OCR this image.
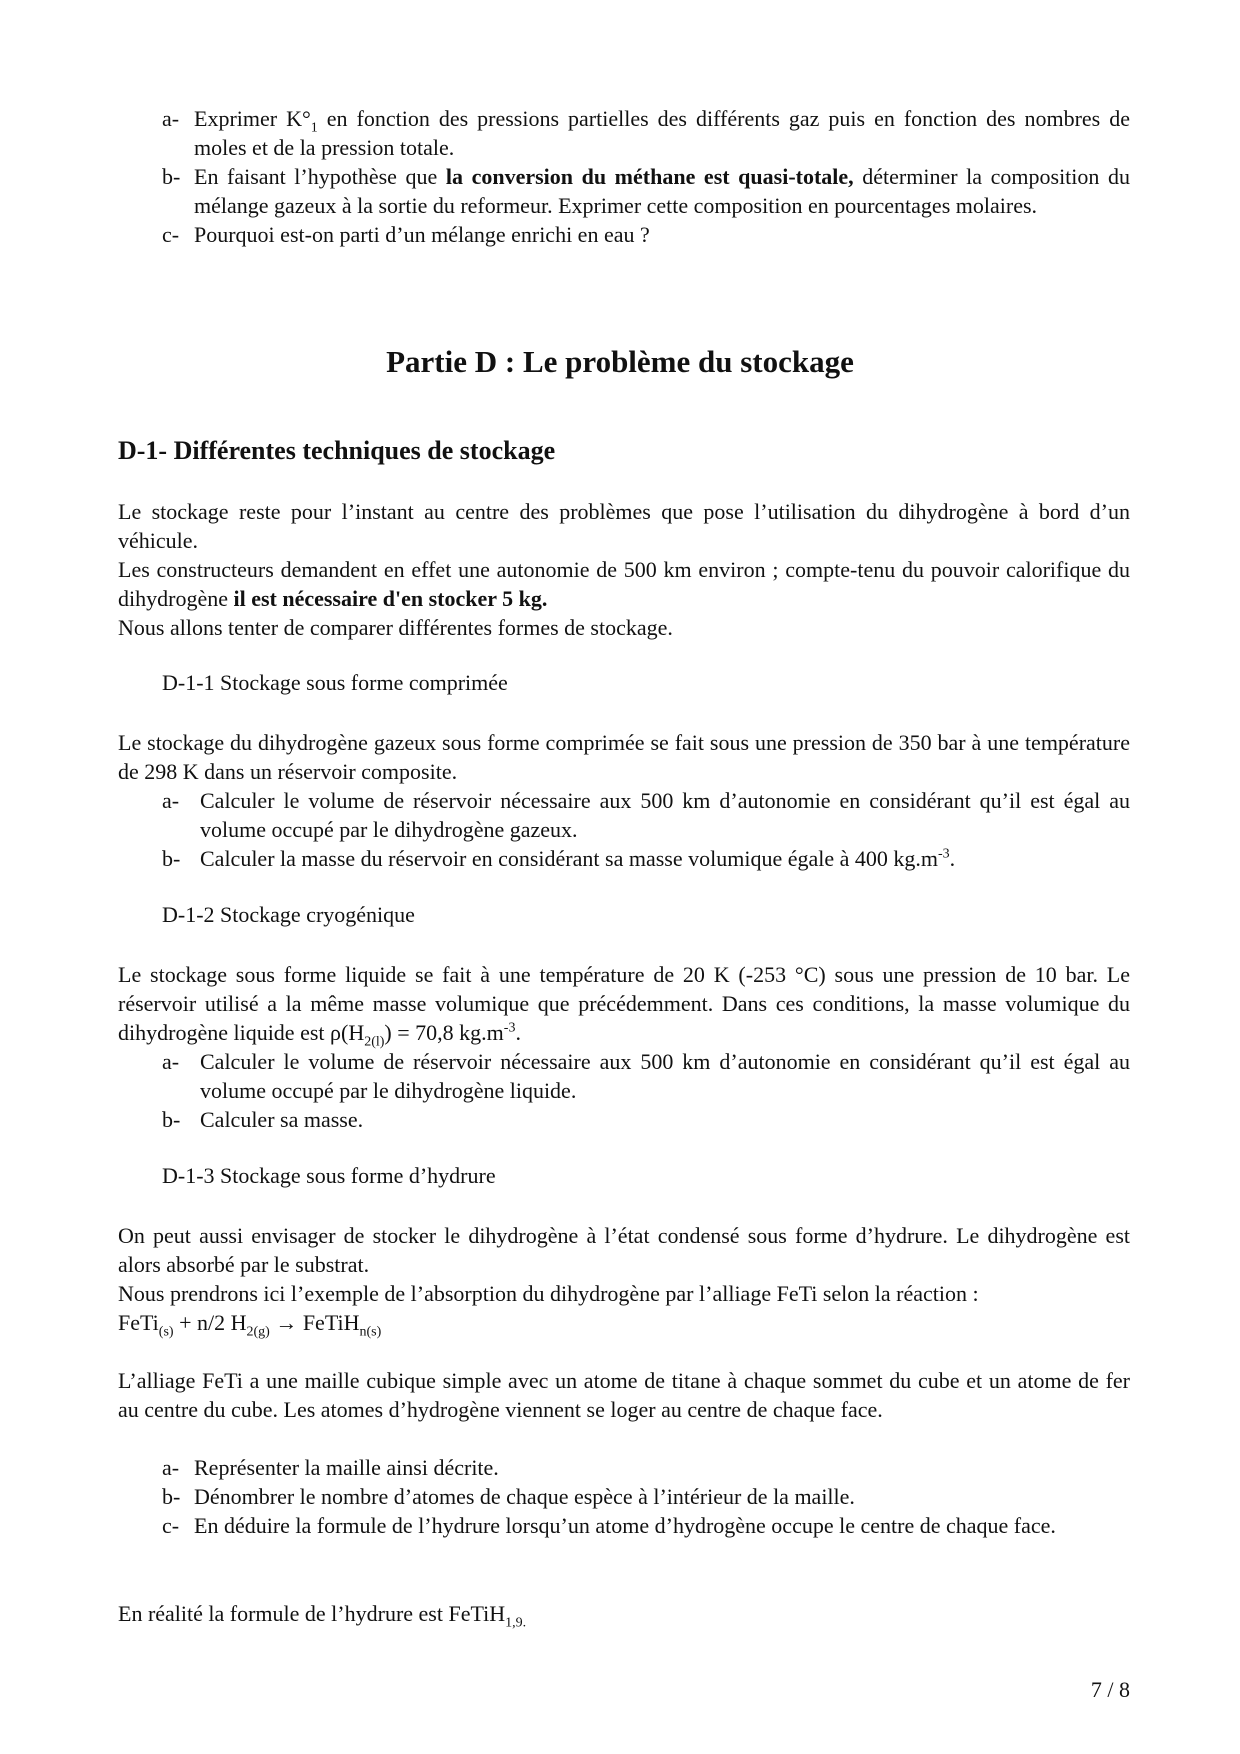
a- Exprimer $K^\circ_1$ en fonction des pressions partielles des différents gaz puis en fonction des nombres de moles et de la pression totale.
b- En faisant l’hypothèse que la conversion du méthane est quasi-totale, déterminer la composition du mélange gazeux à la sortie du reformeur. Exprimer cette composition en pourcentages molaires.
c- Pourquoi est-on parti d’un mélange enrichi en eau ?
Partie D : Le problème du stockage
D-1- Différentes techniques de stockage
Le stockage reste pour l’instant au centre des problèmes que pose l’utilisation du dihydrogène à bord d’un véhicule.
Les constructeurs demandent en effet une autonomie de 500 km environ ; compte-tenu du pouvoir calorifique du dihydrogène il est nécessaire d'en stocker 5 kg.
Nous allons tenter de comparer différentes formes de stockage.
D-1-1 Stockage sous forme comprimée
Le stockage du dihydrogène gazeux sous forme comprimée se fait sous une pression de 350 bar à une température de 298 K dans un réservoir composite.
a- Calculer le volume de réservoir nécessaire aux 500 km d’autonomie en considérant qu’il est égal au volume occupé par le dihydrogène gazeux.
b- Calculer la masse du réservoir en considérant sa masse volumique égale à 400 $kg.m^{-3}$.
D-1-2 Stockage cryogénique
Le stockage sous forme liquide se fait à une température de 20 K (-253 °C) sous une pression de 10 bar. Le réservoir utilisé a la même masse volumique que précédemment. Dans ces conditions, la masse volumique du dihydrogène liquide est $\rho(H_{2(l)}) = 70,8$ $kg.m^{-3}$.
a- Calculer le volume de réservoir nécessaire aux 500 km d’autonomie en considérant qu’il est égal au volume occupé par le dihydrogène liquide.
b- Calculer sa masse.
D-1-3 Stockage sous forme d’hydrure
On peut aussi envisager de stocker le dihydrogène à l’état condensé sous forme d’hydrure. Le dihydrogène est alors absorbé par le substrat.
Nous prendrons ici l’exemple de l’absorption du dihydrogène par l’alliage FeTi selon la réaction :
FeTi$_{(s)}$ + n/2 $H_{2(g)}$ → FeTiH$_{n(s)}$
L’alliage FeTi a une maille cubique simple avec un atome de titane à chaque sommet du cube et un atome de fer au centre du cube. Les atomes d’hydrogène viennent se loger au centre de chaque face.
a- Représenter la maille ainsi décrite.
b- Dénombrer le nombre d’atomes de chaque espèce à l’intérieur de la maille.
c- En déduire la formule de l’hydrure lorsqu’un atome d’hydrogène occupe le centre de chaque face.
En réalité la formule de l’hydrure est FeTiH$_{1,9.}$
7 / 8
